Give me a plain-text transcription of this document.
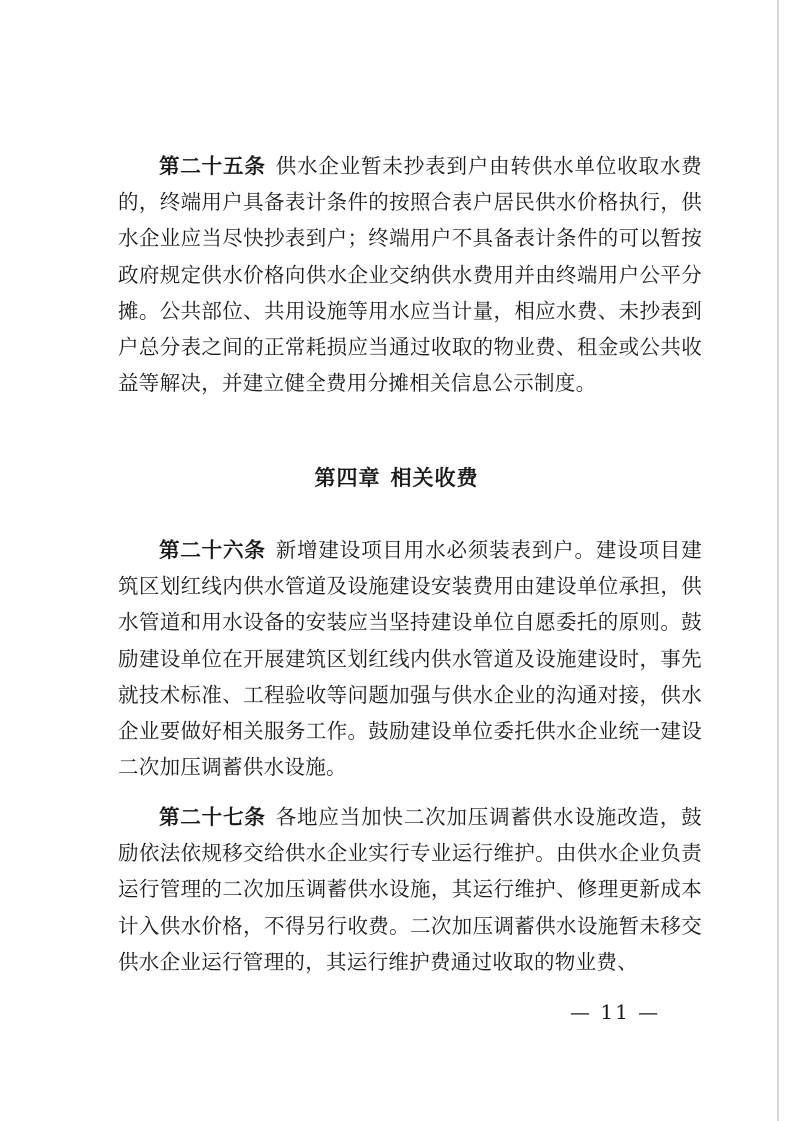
第二十五条 供水企业暂未抄表到户由转供水单位收取水费的，终端用户具备表计条件的按照合表户居民供水价格执行，供水企业应当尽快抄表到户；终端用户不具备表计条件的可以暂按政府规定供水价格向供水企业交纳供水费用并由终端用户公平分摊。公共部位、共用设施等用水应当计量，相应水费、未抄表到户总分表之间的正常耗损应当通过收取的物业费、租金或公共收益等解决，并建立健全费用分摊相关信息公示制度。

第四章 相关收费

第二十六条 新增建设项目用水必须装表到户。建设项目建筑区划红线内供水管道及设施建设安装费用由建设单位承担，供水管道和用水设备的安装应当坚持建设单位自愿委托的原则。鼓励建设单位在开展建筑区划红线内供水管道及设施建设时，事先就技术标准、工程验收等问题加强与供水企业的沟通对接，供水企业要做好相关服务工作。鼓励建设单位委托供水企业统一建设二次加压调蓄供水设施。

第二十七条 各地应当加快二次加压调蓄供水设施改造，鼓励依法依规移交给供水企业实行专业运行维护。由供水企业负责运行管理的二次加压调蓄供水设施，其运行维护、修理更新成本计入供水价格，不得另行收费。二次加压调蓄供水设施暂未移交供水企业运行管理的，其运行维护费通过收取的物业费、

— 11 —
